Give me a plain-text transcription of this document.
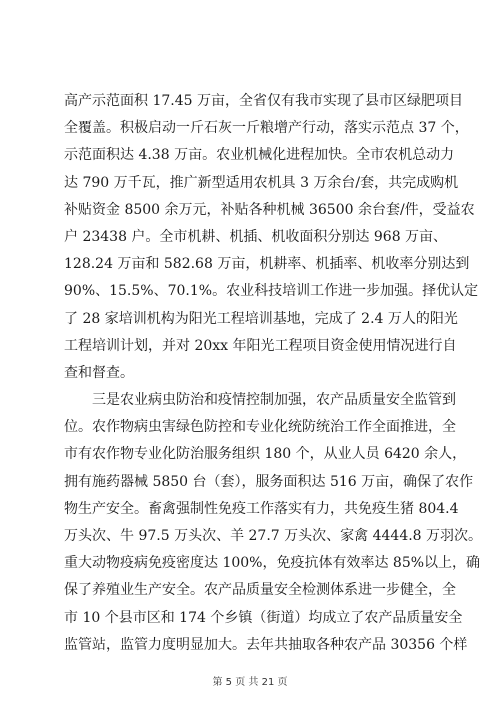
高产示范面积 17.45 万亩，全省仅有我市实现了县市区绿肥项目
全覆盖。积极启动一斤石灰一斤粮增产行动，落实示范点 37 个，
示范面积达 4.38 万亩。农业机械化进程加快。全市农机总动力
达 790 万千瓦，推广新型适用农机具 3 万余台/套，共完成购机
补贴资金 8500 余万元，补贴各种机械 36500 余台套/件，受益农
户 23438 户。全市机耕、机插、机收面积分别达 968 万亩、
128.24 万亩和 582.68 万亩，机耕率、机插率、机收率分别达到
90%、15.5%、70.1%。农业科技培训工作进一步加强。择优认定
了 28 家培训机构为阳光工程培训基地，完成了 2.4 万人的阳光
工程培训计划，并对 20xx 年阳光工程项目资金使用情况进行自
查和督查。
三是农业病虫防治和疫情控制加强，农产品质量安全监管到
位。农作物病虫害绿色防控和专业化统防统治工作全面推进，全
市有农作物专业化防治服务组织 180 个，从业人员 6420 余人，
拥有施药器械 5850 台（套），服务面积达 516 万亩，确保了农作
物生产安全。畜禽强制性免疫工作落实有力，共免疫生猪 804.4
万头次、牛 97.5 万头次、羊 27.7 万头次、家禽 4444.8 万羽次。
重大动物疫病免疫密度达 100%，免疫抗体有效率达 85%以上，确
保了养殖业生产安全。农产品质量安全检测体系进一步健全，全
市 10 个县市区和 174 个乡镇（街道）均成立了农产品质量安全
监管站，监管力度明显加大。去年共抽取各种农产品 30356 个样
第 5 页 共 21 页
